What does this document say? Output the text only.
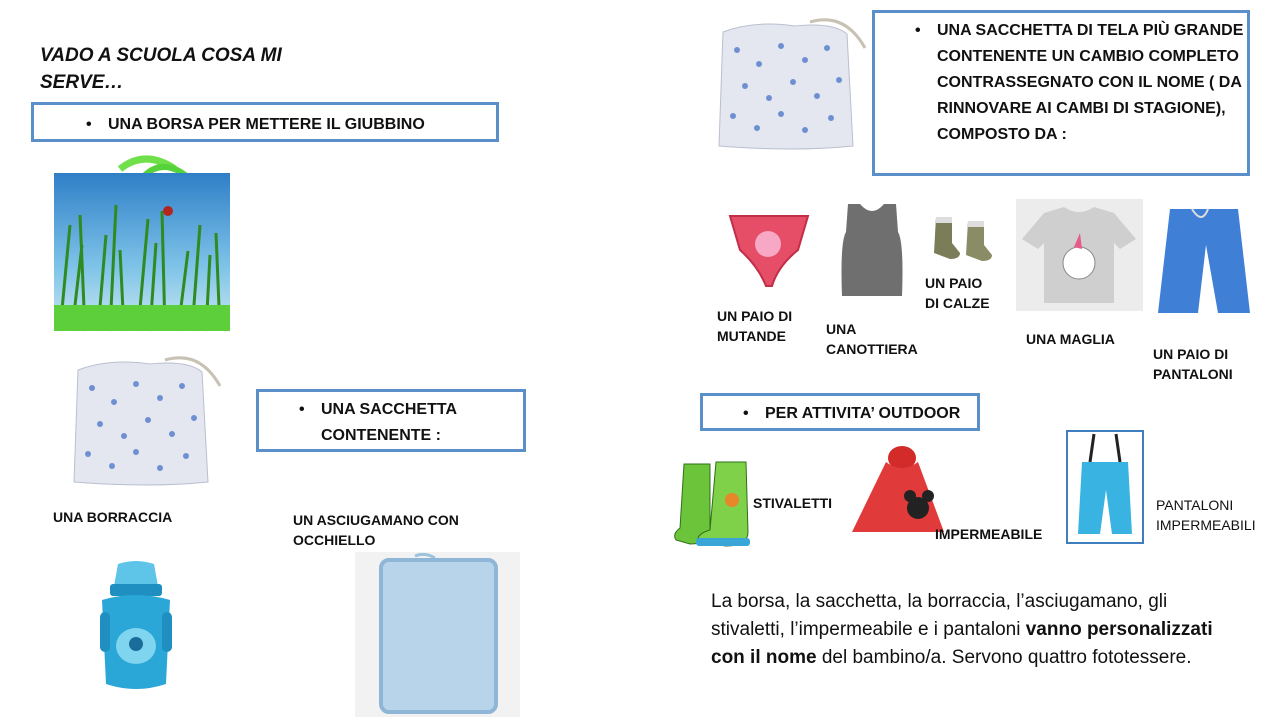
VADO A SCUOLA COSA MI SERVE…
• UNA BORSA PER METTERE IL GIUBBINO
• UNA SACCHETTA CONTENENTE :
UNA BORRACCIA	UN ASCIUGAMANO CON OCCHIELLO
• UNA SACCHETTA DI TELA PIÙ GRANDE CONTENENTE UN CAMBIO COMPLETO CONTRASSEGNATO CON IL NOME ( DA RINNOVARE AI CAMBI DI STAGIONE), COMPOSTO DA :
UN PAIO DI MUTANDE	UNA CANOTTIERA
UN PAIO DI CALZE
UNA MAGLIA
UN PAIO DI PANTALONI
• PER ATTIVITA’ OUTDOOR
STIVALETTI
IMPERMEABILE
PANTALONI IMPERMEABILI
La borsa, la sacchetta, la borraccia, l’asciugamano, gli stivaletti, l’impermeabile e i pantaloni vanno personalizzati con il nome del bambino/a. Servono quattro fototessere.
